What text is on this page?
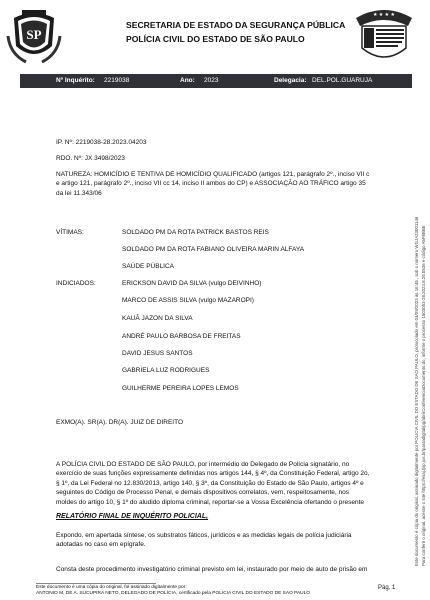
SP
SECRETARIA DE ESTADO DA SEGURANÇA PÚBLICA
POLÍCIA CIVIL DO ESTADO DE SÃO PAULO
★ ★ ★ ★
Nº Inquérito: 2219038	Ano: 2023	Delegacia: DEL.POL.GUARUJA
IP. Nº: 2219038-28.2023.04203
RDO. Nº: JX 3498/2023
NATUREZA: HOMICÍDIO E TENTIVA DE HOMICÍDIO QUALIFICADO (artigos 121, parágrafo 2º., inciso VII c
e artigo 121, parágrafo 2º., inciso VII cc 14, inciso II ambos do CP) e ASSOCIAÇÃO AO TRÁFICO artigo 35
da lei 11.343/06
VÍTIMAS:	SOLDADO PM DA ROTA PATRICK BASTOS REIS
SOLDADO PM DA ROTA FABIANO OLIVEIRA MARIN ALFAYA
SAÚDE PÚBLICA
INDICIADOS:	ERICKSON DAVID DA SILVA (vulgo DEIVINHO)
MARCO DE ASSIS SILVA (vulgo MAZAROPI)
KAUÃ JAZON DA SILVA
ANDRÉ PAULO BARBOSA DE FREITAS
DAVID JESUS SANTOS
GABRIELA LUZ RODRIGUES
GUILHERME PEREIRA LOPES LEMOS
EXMO(A). SR(A). DR(A). JUIZ DE DIREITO
A POLÍCIA CIVIL DO ESTADO DE SÃO PAULO, por intermédio do Delegado de Polícia signatário, no
exercício de suas funções expressamente definidas nos artigos 144, § 4º, da Constituição Federal, artigo 2o,
§ 1º, da Lei Federal no 12.830/2013, artigo 140, § 3º, da Constituição do Estado de São Paulo, artigos 4º e
seguintes do Código de Processo Penal, e demais dispositivos correlatos, vem, respeitosamente, nos
moldes do artigo 10, § 1º do aludido diploma criminal, reportar-se a Vossa Excelência ofertando o presente
RELATÓRIO FINAL DE INQUÉRITO POLICIAL,
Expondo, em apertada síntese, os substratos fáticos, jurídicos e as medidas legais de polícia judiciária
adotadas no caso em epígrafe.
Consta deste procedimento investigatório criminal previsto em lei, instaurado por meio de auto de prisão em
Este documento é cópia do original, assinado digitalmente por POLICIA CIVIL DO ESTADO DE SAO PAULO, protocolado em 04/09/2023 às 16:45 , sob o número WGJA23001146 Para conferir o original, acesse o site https://esaj.tjsp.jus.br/pastadigital/pg/abrirConferenciaDocumento.do, informe o processo 1503053-28.2023.8.26.0536 e código A5F8BBE
Este documento é uma cópia do original, foi assinado digitalmente por:
ANTONIO M. DE A. SUCUPIRA NETO, DELEGADO DE POLÍCIA, certificado pela POLICIA CIVIL DO ESTADO DE SAO PAULO
Pág. 1
